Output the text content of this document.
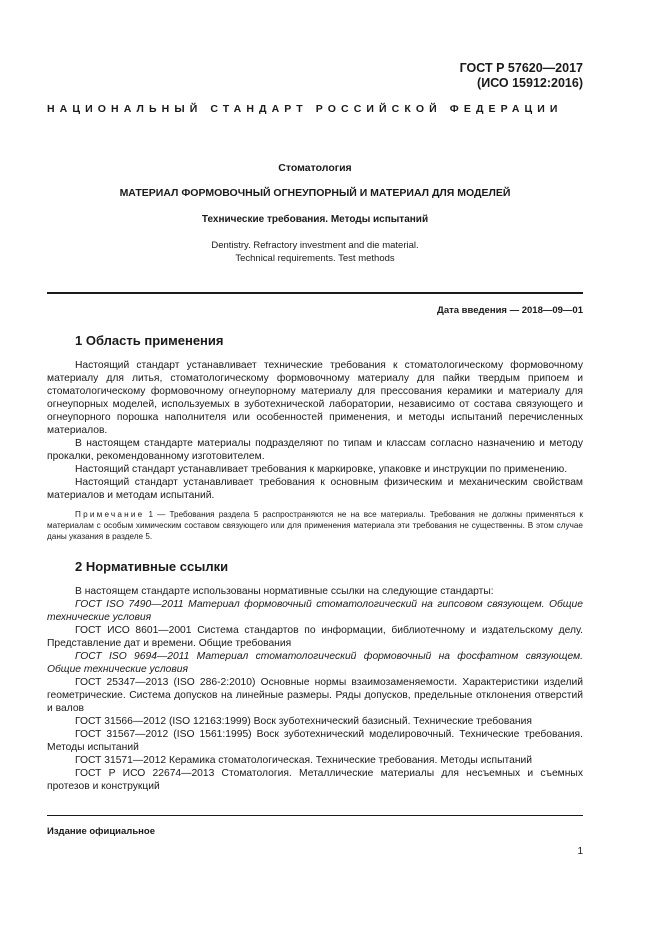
ГОСТ Р 57620—2017
(ИСО 15912:2016)
НАЦИОНАЛЬНЫЙ СТАНДАРТ РОССИЙСКОЙ ФЕДЕРАЦИИ
Стоматология
МАТЕРИАЛ ФОРМОВОЧНЫЙ ОГНЕУПОРНЫЙ И МАТЕРИАЛ ДЛЯ МОДЕЛЕЙ
Технические требования. Методы испытаний
Dentistry. Refractory investment and die material.
Technical requirements. Test methods
Дата введения — 2018—09—01
1 Область применения

Настоящий стандарт устанавливает технические требования к стоматологическому формовочному материалу для литья, стоматологическому формовочному материалу для пайки твердым припоем и стоматологическому формовочному огнеупорному материалу для прессования керамики и материалу для огнеупорных моделей, используемых в зуботехнической лаборатории, независимо от состава связующего и огнеупорного порошка наполнителя или особенностей применения, и методы испытаний перечисленных материалов.

В настоящем стандарте материалы подразделяют по типам и классам согласно назначению и методу прокалки, рекомендованному изготовителем.

Настоящий стандарт устанавливает требования к маркировке, упаковке и инструкции по применению.

Настоящий стандарт устанавливает требования к основным физическим и механическим свойствам материалов и методам испытаний.

Примечание 1 — Требования раздела 5 распространяются не на все материалы. Требования не должны применяться к материалам с особым химическим составом связующего или для применения материала эти требования не существенны. В этом случае даны указания в разделе 5.

2 Нормативные ссылки

В настоящем стандарте использованы нормативные ссылки на следующие стандарты:

ГОСТ ISO 7490—2011 Материал формовочный стоматологический на гипсовом связующем. Общие технические условия

ГОСТ ИСО 8601—2001 Система стандартов по информации, библиотечному и издательскому делу. Представление дат и времени. Общие требования

ГОСТ ISO 9694—2011 Материал стоматологический формовочный на фосфатном связующем. Общие технические условия

ГОСТ 25347—2013 (ISO 286-2:2010) Основные нормы взаимозаменяемости. Характеристики изделий геометрические. Система допусков на линейные размеры. Ряды допусков, предельные отклонения отверстий и валов

ГОСТ 31566—2012 (ISO 12163:1999) Воск зуботехнический базисный. Технические требования

ГОСТ 31567—2012 (ISO 1561:1995) Воск зуботехнический моделировочный. Технические требования. Методы испытаний

ГОСТ 31571—2012 Керамика стоматологическая. Технические требования. Методы испытаний

ГОСТ Р ИСО 22674—2013 Стоматология. Металлические материалы для несъемных и съемных протезов и конструкций

Издание официальное
1
